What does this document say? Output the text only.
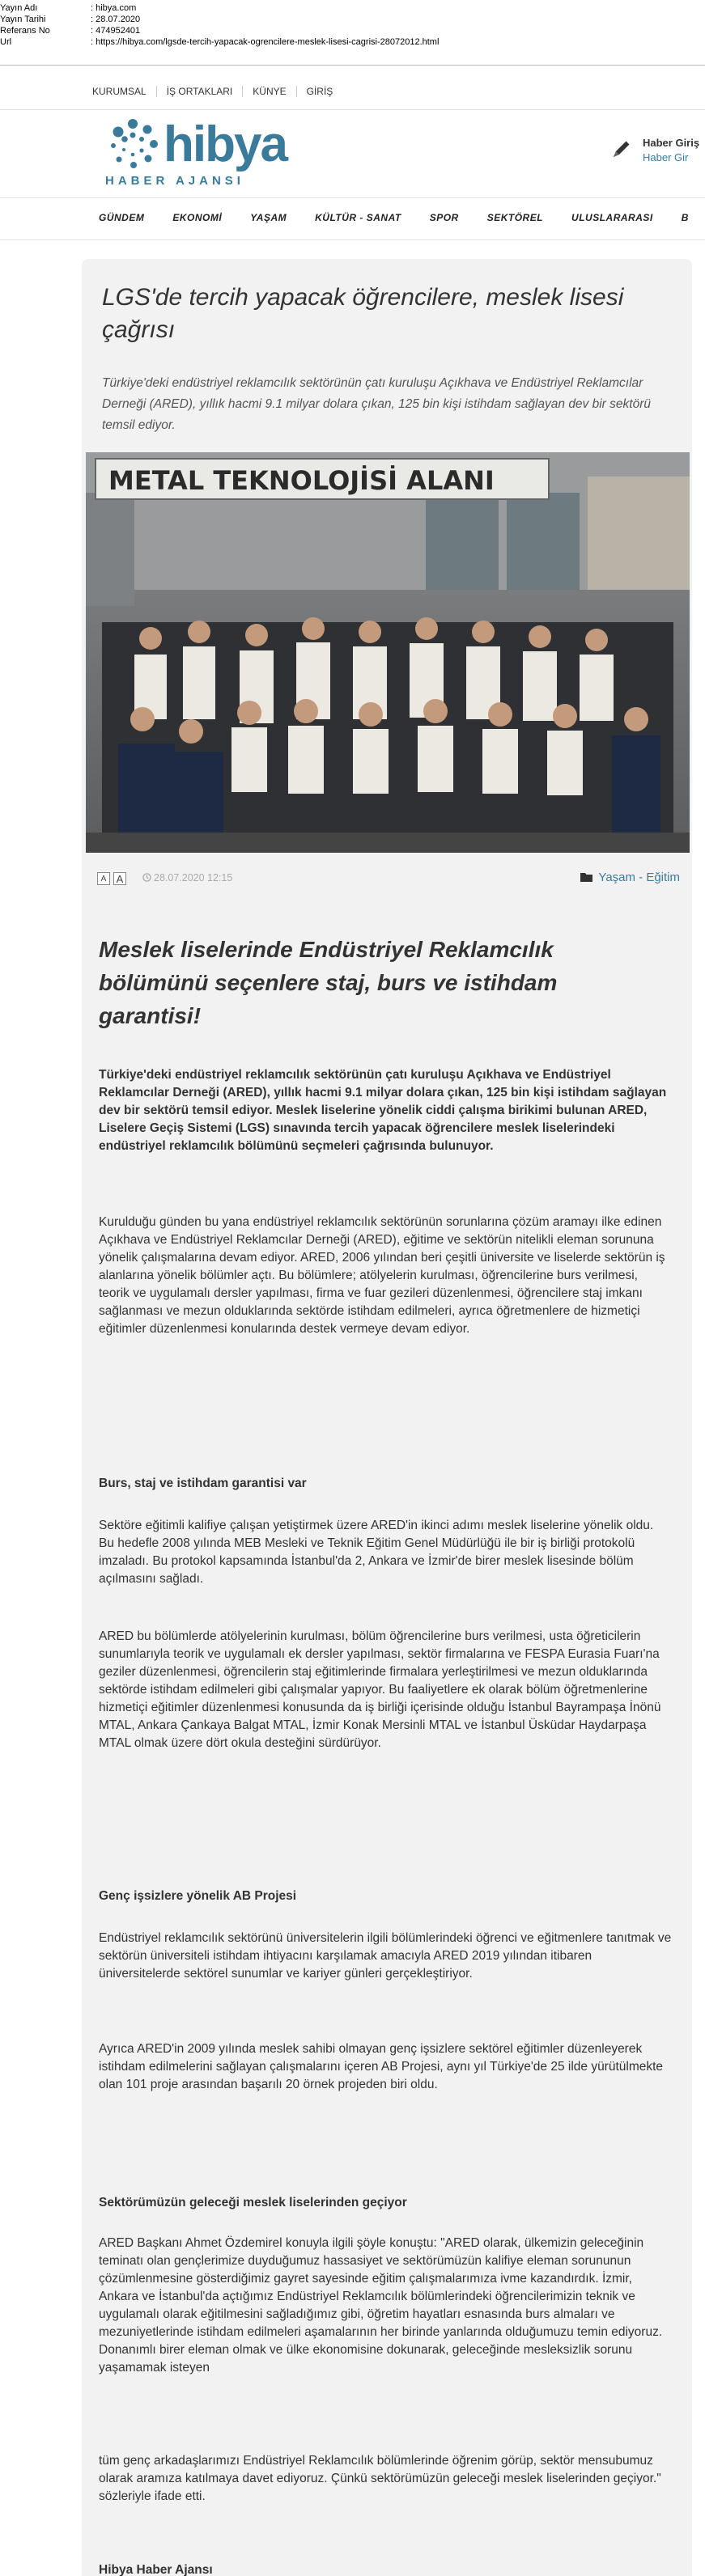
Yayın Adı	: hibya.com
Yayın Tarihi	: 28.07.2020
Referans No	: 474952401
Url	: https://hibya.com/lgsde-tercih-yapacak-ogrencilere-meslek-lisesi-cagrisi-28072012.html
KURUMSAL	İŞ ORTAKLARI	KÜNYE	GİRİŞ
hibya
HABER AJANSI
Haber Giriş
Haber Gir
GÜNDEM	EKONOMİ	YAŞAM	KÜLTÜR - SANAT	SPOR	SEKTÖREL	ULUSLARARASI	B
LGS'de tercih yapacak öğrencilere, meslek lisesi çağrısı

Türkiye'deki endüstriyel reklamcılık sektörünün çatı kuruluşu Açıkhava ve Endüstriyel Reklamcılar Derneği (ARED), yıllık hacmi 9.1 milyar dolara çıkan, 125 bin kişi istihdam sağlayan dev bir sektörü temsil ediyor.

METAL TEKNOLOJİSİ ALANI
A A	28.07.2020 12:15	Yaşam - Eğitim
Meslek liselerinde Endüstriyel Reklamcılık bölümünü seçenlere staj, burs ve istihdam garantisi!

Türkiye'deki endüstriyel reklamcılık sektörünün çatı kuruluşu Açıkhava ve Endüstriyel Reklamcılar Derneği (ARED), yıllık hacmi 9.1 milyar dolara çıkan, 125 bin kişi istihdam sağlayan dev bir sektörü temsil ediyor. Meslek liselerine yönelik ciddi çalışma birikimi bulunan ARED, Liselere Geçiş Sistemi (LGS) sınavında tercih yapacak öğrencilere meslek liselerindeki endüstriyel reklamcılık bölümünü seçmeleri çağrısında bulunuyor.

Kurulduğu günden bu yana endüstriyel reklamcılık sektörünün sorunlarına çözüm aramayı ilke edinen Açıkhava ve Endüstriyel Reklamcılar Derneği (ARED), eğitime ve sektörün nitelikli eleman sorununa yönelik çalışmalarına devam ediyor. ARED, 2006 yılından beri çeşitli üniversite ve liselerde sektörün iş alanlarına yönelik bölümler açtı. Bu bölümlere; atölyelerin kurulması, öğrencilerine burs verilmesi, teorik ve uygulamalı dersler yapılması, firma ve fuar gezileri düzenlenmesi, öğrencilere staj imkanı sağlanması ve mezun olduklarında sektörde istihdam edilmeleri, ayrıca öğretmenlere de hizmetiçi eğitimler düzenlenmesi konularında destek vermeye devam ediyor.

Burs, staj ve istihdam garantisi var

Sektöre eğitimli kalifiye çalışan yetiştirmek üzere ARED'in ikinci adımı meslek liselerine yönelik oldu. Bu hedefle 2008 yılında MEB Mesleki ve Teknik Eğitim Genel Müdürlüğü ile bir iş birliği protokolü imzaladı. Bu protokol kapsamında İstanbul'da 2, Ankara ve İzmir'de birer meslek lisesinde bölüm açılmasını sağladı.

ARED bu bölümlerde atölyelerinin kurulması, bölüm öğrencilerine burs verilmesi, usta öğreticilerin sunumlarıyla teorik ve uygulamalı ek dersler yapılması, sektör firmalarına ve FESPA Eurasia Fuarı'na geziler düzenlenmesi, öğrencilerin staj eğitimlerinde firmalara yerleştirilmesi ve mezun olduklarında sektörde istihdam edilmeleri gibi çalışmalar yapıyor. Bu faaliyetlere ek olarak bölüm öğretmenlerine hizmetiçi eğitimler düzenlenmesi konusunda da iş birliği içerisinde olduğu İstanbul Bayrampaşa İnönü MTAL, Ankara Çankaya Balgat MTAL, İzmir Konak Mersinli MTAL ve İstanbul Üsküdar Haydarpaşa MTAL olmak üzere dört okula desteğini sürdürüyor.

Genç işsizlere yönelik AB Projesi

Endüstriyel reklamcılık sektörünü üniversitelerin ilgili bölümlerindeki öğrenci ve eğitmenlere tanıtmak ve sektörün üniversiteli istihdam ihtiyacını karşılamak amacıyla ARED 2019 yılından itibaren üniversitelerde sektörel sunumlar ve kariyer günleri gerçekleştiriyor.

Ayrıca ARED'in 2009 yılında meslek sahibi olmayan genç işsizlere sektörel eğitimler düzenleyerek istihdam edilmelerini sağlayan çalışmalarını içeren AB Projesi, aynı yıl Türkiye'de 25 ilde yürütülmekte olan 101 proje arasından başarılı 20 örnek projeden biri oldu.

Sektörümüzün geleceği meslek liselerinden geçiyor

ARED Başkanı Ahmet Özdemirel konuyla ilgili şöyle konuştu: "ARED olarak, ülkemizin geleceğinin teminatı olan gençlerimize duyduğumuz hassasiyet ve sektörümüzün kalifiye eleman sorununun çözümlenmesine gösterdiğimiz gayret sayesinde eğitim çalışmalarımıza ivme kazandırdık. İzmir, Ankara ve İstanbul'da açtığımız Endüstriyel Reklamcılık bölümlerindeki öğrencilerimizin teknik ve uygulamalı olarak eğitilmesini sağladığımız gibi, öğretim hayatları esnasında burs almaları ve mezuniyetlerinde istihdam edilmeleri aşamalarının her birinde yanlarında olduğumuzu temin ediyoruz. Donanımlı birer eleman olmak ve ülke ekonomisine dokunarak, geleceğinde mesleksizlik sorunu yaşamamak isteyen

tüm genç arkadaşlarımızı Endüstriyel Reklamcılık bölümlerinde öğrenim görüp, sektör mensubumuz olarak aramıza katılmaya davet ediyoruz. Çünkü sektörümüzün geleceği meslek liselerinden geçiyor." sözleriyle ifade etti.

Hibya Haber Ajansı
